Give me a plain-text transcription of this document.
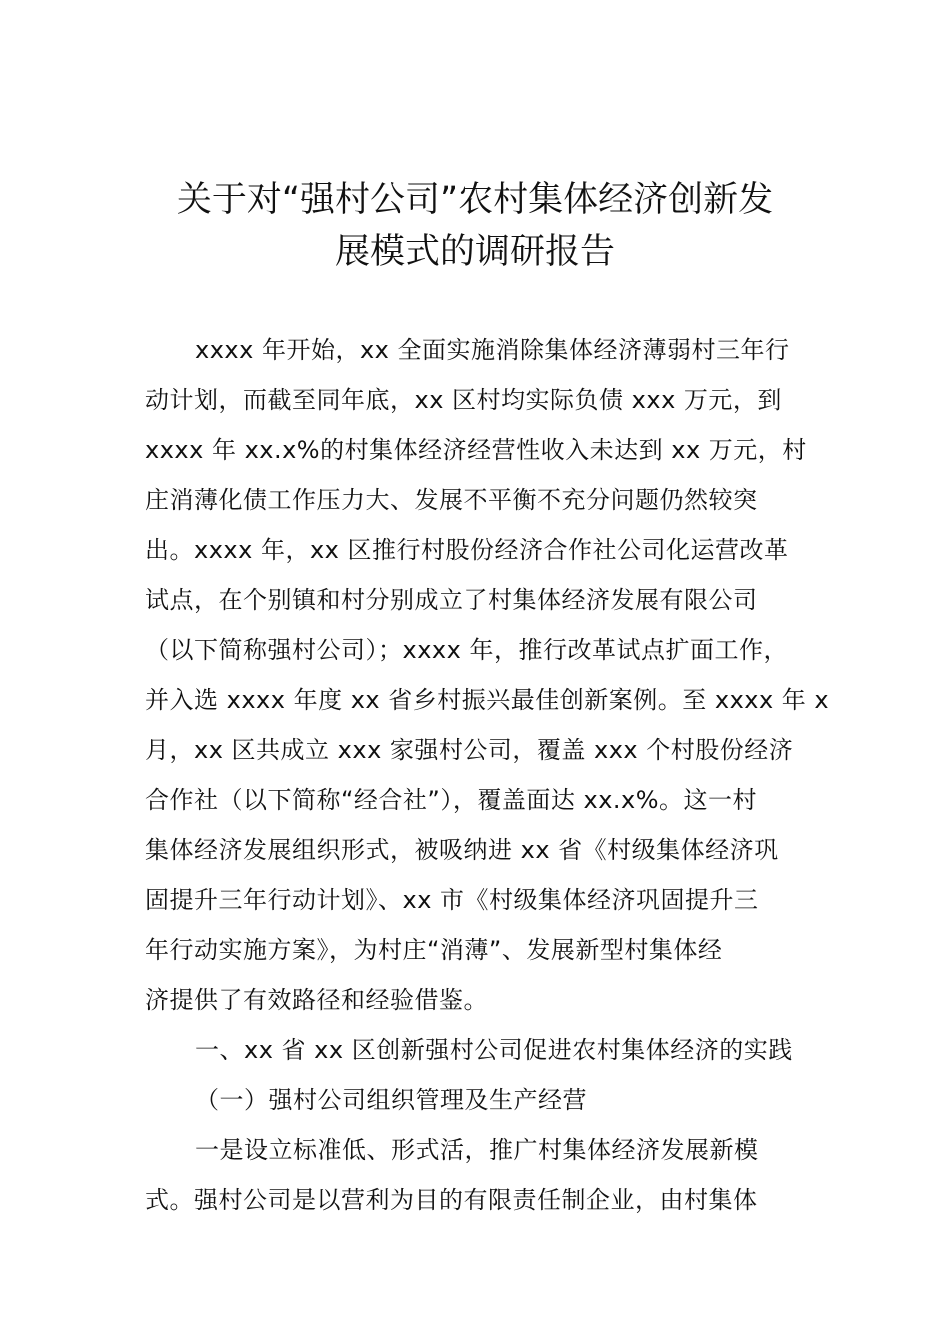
关于对“强村公司”农村集体经济创新发
展模式的调研报告
xxxx 年开始，xx 全面实施消除集体经济薄弱村三年行
动计划，而截至同年底，xx 区村均实际负债 xxx 万元，到
xxxx 年 xx.x%的村集体经济经营性收入未达到 xx 万元，村
庄消薄化债工作压力大、发展不平衡不充分问题仍然较突
出。xxxx 年，xx 区推行村股份经济合作社公司化运营改革
试点，在个别镇和村分别成立了村集体经济发展有限公司
（以下简称强村公司）；xxxx 年，推行改革试点扩面工作，
并入选 xxxx 年度 xx 省乡村振兴最佳创新案例。至 xxxx 年 x
月，xx 区共成立 xxx 家强村公司，覆盖 xxx 个村股份经济
合作社（以下简称“经合社”），覆盖面达 xx.x%。这一村
集体经济发展组织形式，被吸纳进 xx 省《村级集体经济巩
固提升三年行动计划》、xx 市《村级集体经济巩固提升三
年行动实施方案》，为村庄“消薄”、发展新型村集体经
济提供了有效路径和经验借鉴。
一、xx 省 xx 区创新强村公司促进农村集体经济的实践
（一）强村公司组织管理及生产经营
一是设立标准低、形式活，推广村集体经济发展新模
式。强村公司是以营利为目的有限责任制企业，由村集体
